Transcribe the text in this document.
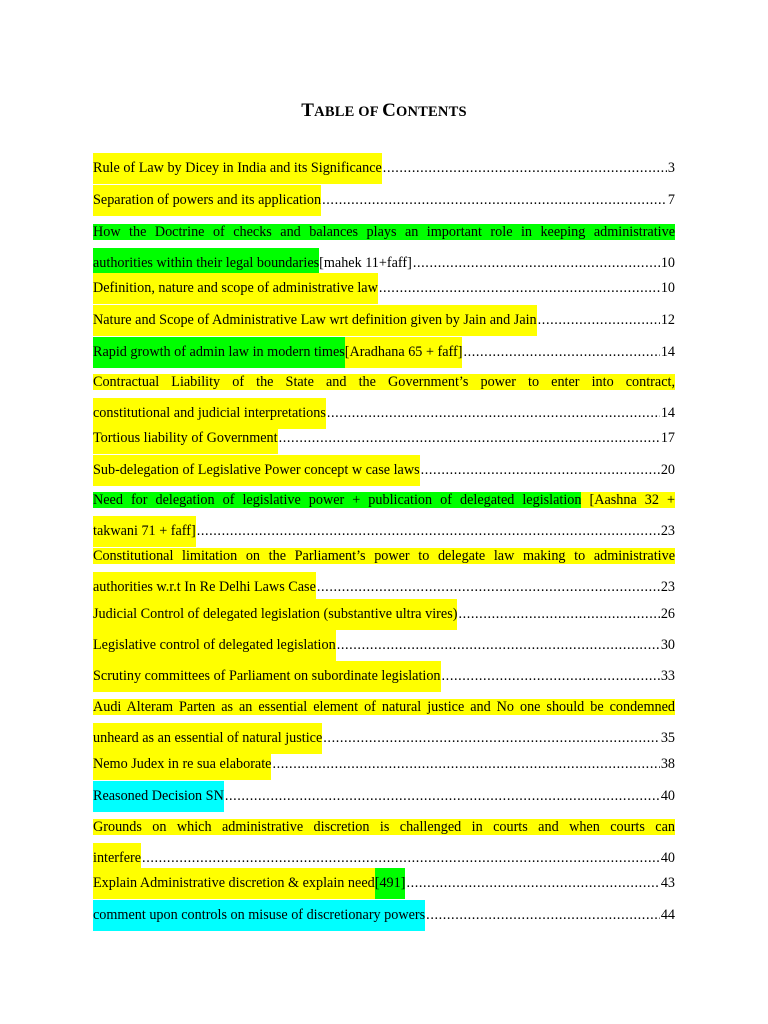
TABLE OF CONTENTS
Rule of Law by Dicey in India and its Significance .....	3
Separation of powers and its application .....	7
How the Doctrine of checks and balances plays an important role in keeping administrative
authorities within their legal boundaries [mahek 11+faff] .....	10
Definition, nature and scope of administrative law .....	10
Nature and Scope of Administrative Law wrt definition given by Jain and Jain .....	12
Rapid growth of admin law in modern times [Aradhana 65 + faff] .....	14
Contractual Liability of the State and the Government’s power to enter into contract,
constitutional and judicial interpretations .....	14
Tortious liability of Government .....	17
Sub-delegation of Legislative Power concept w case laws .....	20
Need for delegation of legislative power + publication of delegated legislation [Aashna 32 +
takwani 71 + faff] .....	23
Constitutional limitation on the Parliament’s power to delegate law making to administrative
authorities w.r.t In Re Delhi Laws Case .....	23
Judicial Control of delegated legislation (substantive ultra vires) .....	26
Legislative control of delegated legislation .....	30
Scrutiny committees of Parliament on subordinate legislation .....	33
Audi Alteram Parten as an essential element of natural justice and No one should be condemned
unheard as an essential of natural justice .....	35
Nemo Judex in re sua elaborate .....	38
Reasoned Decision SN .....	40
Grounds on which administrative discretion is challenged in courts and when courts can
interfere .....	40
Explain Administrative discretion & explain need [491] .....	43
comment upon controls on misuse of discretionary powers .....	44
